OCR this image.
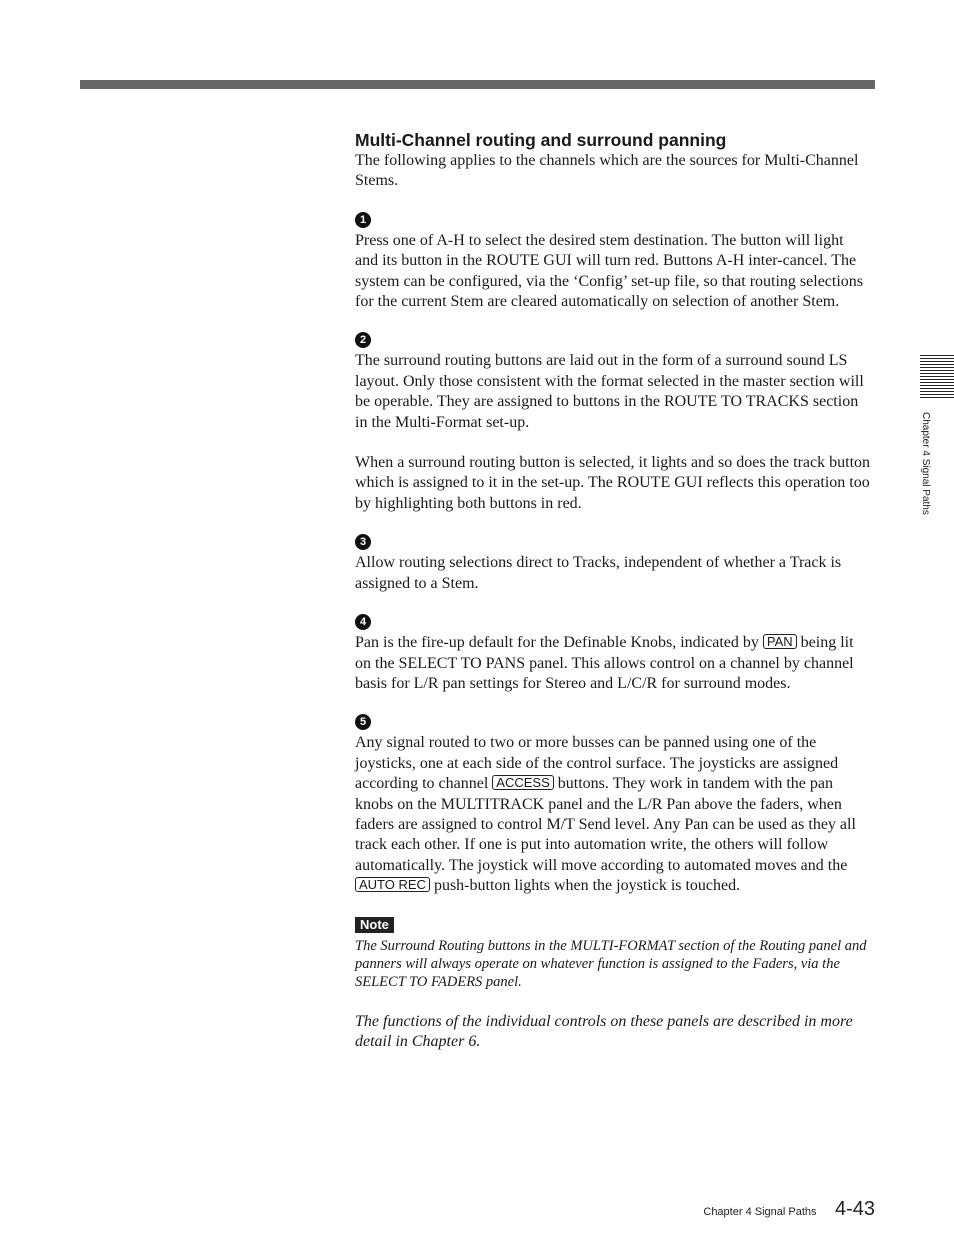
Multi-Channel routing and surround panning

The following applies to the channels which are the sources for Multi-Channel Stems.

1

Press one of A-H to select the desired stem destination. The button will light and its button in the ROUTE GUI will turn red. Buttons A-H inter-cancel. The system can be configured, via the ‘Config’ set-up file, so that routing selections for the current Stem are cleared automatically on selection of another Stem.

2

The surround routing buttons are laid out in the form of a surround sound LS layout. Only those consistent with the format selected in the master section will be operable. They are assigned to buttons in the ROUTE TO TRACKS section in the Multi-Format set-up.

When a surround routing button is selected, it lights and so does the track button which is assigned to it in the set-up. The ROUTE GUI reflects this operation too by highlighting both buttons in red.

3

Allow routing selections direct to Tracks, independent of whether a Track is assigned to a Stem.

4

Pan is the fire-up default for the Definable Knobs, indicated by PAN being lit on the SELECT TO PANS panel. This allows control on a channel by channel basis for L/R pan settings for Stereo and L/C/R for surround modes.

5

Any signal routed to two or more busses can be panned using one of the joysticks, one at each side of the control surface. The joysticks are assigned according to channel ACCESS buttons. They work in tandem with the pan knobs on the MULTITRACK panel and the L/R Pan above the faders, when faders are assigned to control M/T Send level. Any Pan can be used as they all track each other. If one is put into automation write, the others will follow automatically. The joystick will move according to automated moves and the AUTO REC push-button lights when the joystick is touched.

Note

The Surround Routing buttons in the MULTI-FORMAT section of the Routing panel and panners will always operate on whatever function is assigned to the Faders, via the SELECT TO FADERS panel.

The functions of the individual controls on these panels are described in more detail in Chapter 6.

Chapter 4 Signal Paths
Chapter 4 Signal Paths 4-43
